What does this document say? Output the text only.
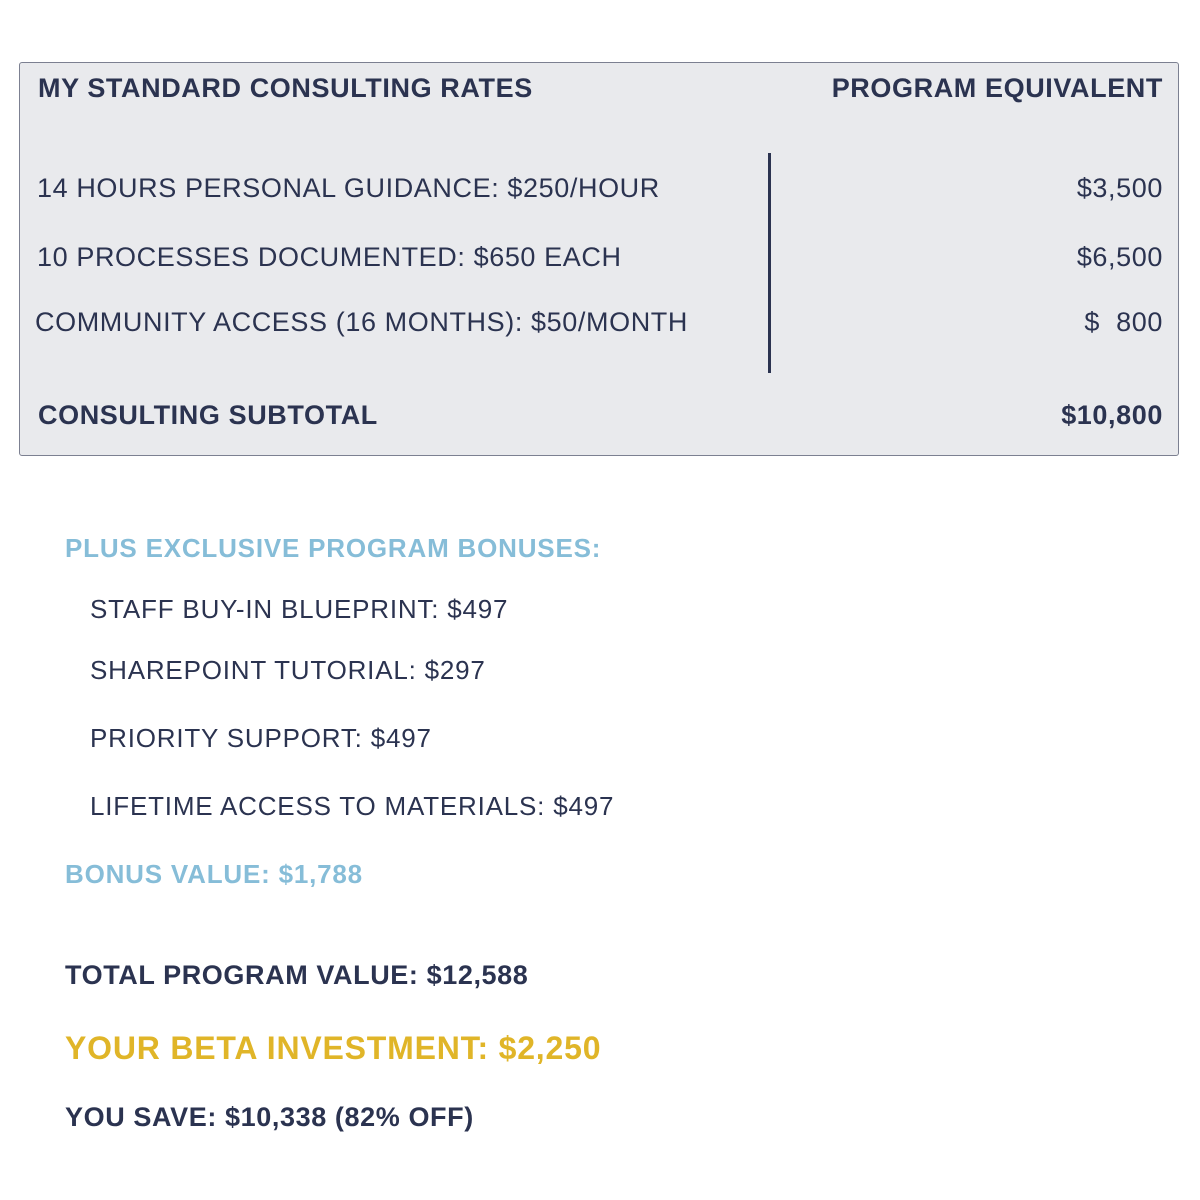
MY STANDARD CONSULTING RATES	PROGRAM EQUIVALENT
14 HOURS PERSONAL GUIDANCE: $250/HOUR	$3,500
10 PROCESSES DOCUMENTED: $650 EACH	$6,500
COMMUNITY ACCESS (16 MONTHS): $50/MONTH	$  800
CONSULTING SUBTOTAL	$10,800
PLUS EXCLUSIVE PROGRAM BONUSES:
STAFF BUY-IN BLUEPRINT: $497
SHAREPOINT TUTORIAL: $297
PRIORITY SUPPORT: $497
LIFETIME ACCESS TO MATERIALS: $497
BONUS VALUE: $1,788
TOTAL PROGRAM VALUE: $12,588
YOUR BETA INVESTMENT: $2,250
YOU SAVE: $10,338 (82% OFF)
